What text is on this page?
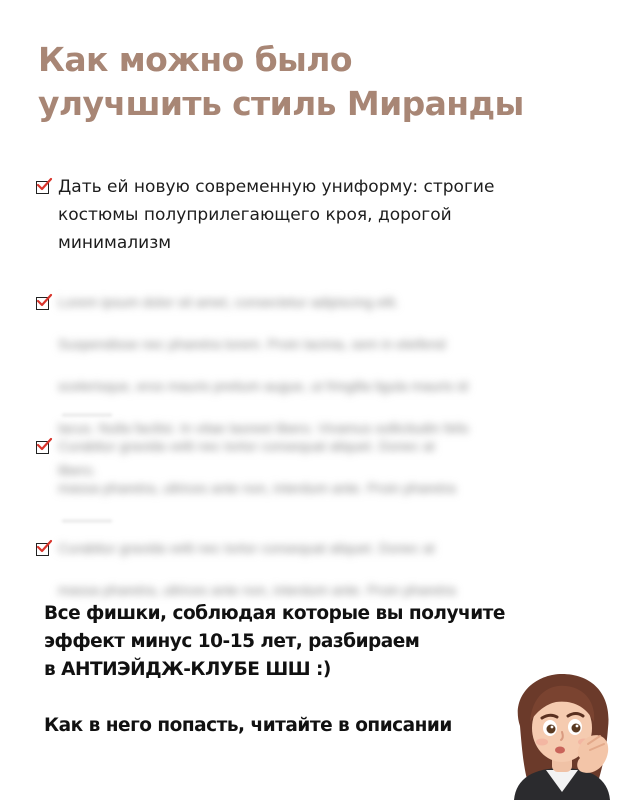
Как можно было
улучшить стиль Миранды
Дать ей новую современную униформу: строгие
костюмы полуприлегающего кроя, дорогой
минимализм
Lorem ipsum dolor sit amet, consectetur adipiscing elit.

Suspendisse nec pharetra lorem. Proin lacinia, sem in eleifend

scelerisque, eros mauris pretium augue, ut fringilla ligula mauris id

lacus. Nulla facilisi. In vitae laoreet libero. Vivamus sollicitudin felis

libero.
Curabitur gravida velit nec tortor consequat aliquet. Donec at

massa pharetra, ultrices ante non, interdum ante. Proin pharetra
Curabitur gravida velit nec tortor consequat aliquet. Donec at

massa pharetra, ultrices ante non, interdum ante. Proin pharetra
Все фишки, соблюдая которые вы получите
эффект минус 10-15 лет, разбираем
в АНТИЭЙДЖ-КЛУБЕ ШШ :)
Как в него попасть, читайте в описании
